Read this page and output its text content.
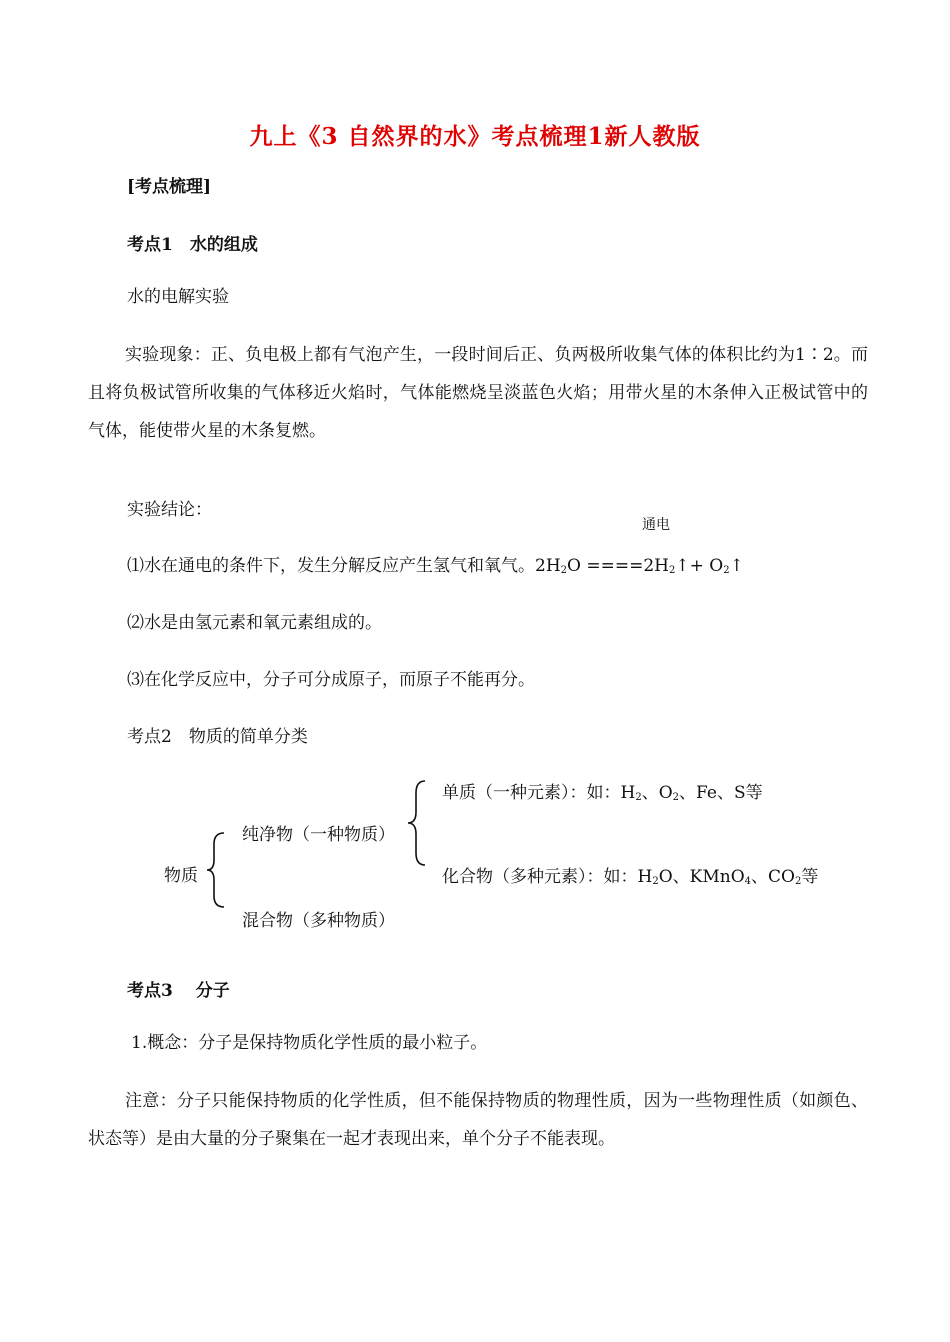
九上《3 自然界的水》考点梳理1新人教版
[考点梳理]
考点1　水的组成
水的电解实验
实验现象：正、负电极上都有气泡产生，一段时间后正、负两极所收集气体的体积比约为1∶2。而且将负极试管所收集的气体移近火焰时，气体能燃烧呈淡蓝色火焰；用带火星的木条伸入正极试管中的气体，能使带火星的木条复燃。
实验结论：
通电
⑴水在通电的条件下，发生分解反应产生氢气和氧气。$2H_2O$ $====2H_2↑+$ $O_2↑$
⑵水是由氢元素和氧元素组成的。
⑶在化学反应中，分子可分成原子，而原子不能再分。
考点2　物质的简单分类
物质
纯净物（一种物质）
混合物（多种物质）
单质（一种元素）：如：$H_2$、$O_2$、Fe、S等
化合物（多种元素）：如：$H_2O$、KMnO$_4$、$CO_2$等
考点3　 分子
1.概念：分子是保持物质化学性质的最小粒子。
注意：分子只能保持物质的化学性质，但不能保持物质的物理性质，因为一些物理性质（如颜色、状态等）是由大量的分子聚集在一起才表现出来，单个分子不能表现。
